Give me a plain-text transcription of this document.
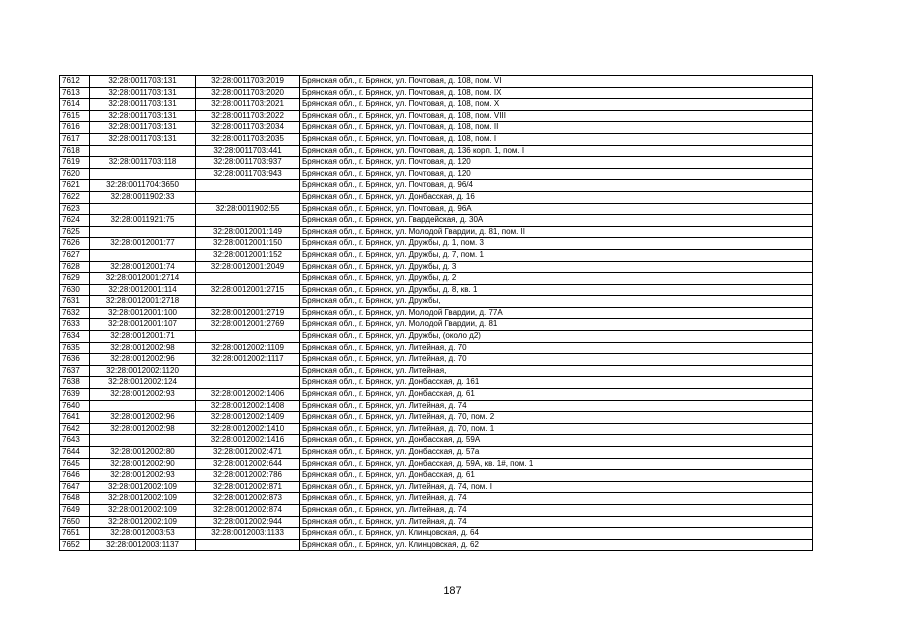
7612	32:28:0011703:131	32:28:0011703:2019	Брянская обл., г. Брянск, ул. Почтовая, д. 108, пом. VI
7613	32:28:0011703:131	32:28:0011703:2020	Брянская обл., г. Брянск, ул. Почтовая, д. 108, пом. IX
7614	32:28:0011703:131	32:28:0011703:2021	Брянская обл., г. Брянск, ул. Почтовая, д. 108, пом. X
7615	32:28:0011703:131	32:28:0011703:2022	Брянская обл., г. Брянск, ул. Почтовая, д. 108, пом. VIII
7616	32:28:0011703:131	32:28:0011703:2034	Брянская обл., г. Брянск, ул. Почтовая, д. 108, пом. II
7617	32:28:0011703:131	32:28:0011703:2035	Брянская обл., г. Брянск, ул. Почтовая, д. 108, пом. I
7618		32:28:0011703:441	Брянская обл., г. Брянск, ул. Почтовая, д. 136 корп. 1, пом. I
7619	32:28:0011703:118	32:28:0011703:937	Брянская обл., г. Брянск, ул. Почтовая, д. 120
7620		32:28:0011703:943	Брянская обл., г. Брянск, ул. Почтовая, д. 120
7621	32:28:0011704:3650		Брянская обл., г. Брянск, ул. Почтовая, д. 96/4
7622	32:28:0011902:33		Брянская обл., г. Брянск, ул. Донбасская, д. 16
7623		32:28:0011902:55	Брянская обл., г. Брянск, ул. Почтовая, д. 96А
7624	32:28:0011921:75		Брянская обл., г. Брянск, ул. Гвардейская, д. 30А
7625		32:28:0012001:149	Брянская обл., г. Брянск, ул. Молодой Гвардии, д. 81, пом. II
7626	32:28:0012001:77	32:28:0012001:150	Брянская обл., г. Брянск, ул. Дружбы, д. 1, пом. 3
7627		32:28:0012001:152	Брянская обл., г. Брянск, ул. Дружбы, д. 7, пом. 1
7628	32:28:0012001:74	32:28:0012001:2049	Брянская обл., г. Брянск, ул. Дружбы, д. 3
7629	32:28:0012001:2714		Брянская обл., г. Брянск, ул. Дружбы, д. 2
7630	32:28:0012001:114	32:28:0012001:2715	Брянская обл., г. Брянск, ул. Дружбы, д. 8, кв. 1
7631	32:28:0012001:2718		Брянская обл., г. Брянск, ул. Дружбы,
7632	32:28:0012001:100	32:28:0012001:2719	Брянская обл., г. Брянск, ул. Молодой Гвардии, д. 77А
7633	32:28:0012001:107	32:28:0012001:2769	Брянская обл., г. Брянск, ул. Молодой Гвардии, д. 81
7634	32:28:0012001:71		Брянская обл., г. Брянск, ул. Дружбы, (около д2)
7635	32:28:0012002:98	32:28:0012002:1109	Брянская обл., г. Брянск, ул. Литейная, д. 70
7636	32:28:0012002:96	32:28:0012002:1117	Брянская обл., г. Брянск, ул. Литейная, д. 70
7637	32:28:0012002:1120		Брянская обл., г. Брянск, ул. Литейная,
7638	32:28:0012002:124		Брянская обл., г. Брянск, ул. Донбасская, д. 161
7639	32:28:0012002:93	32:28:0012002:1406	Брянская обл., г. Брянск, ул. Донбасская, д. 61
7640		32:28:0012002:1408	Брянская обл., г. Брянск, ул. Литейная, д. 74
7641	32:28:0012002:96	32:28:0012002:1409	Брянская обл., г. Брянск, ул. Литейная, д. 70, пом. 2
7642	32:28:0012002:98	32:28:0012002:1410	Брянская обл., г. Брянск, ул. Литейная, д. 70, пом. 1
7643		32:28:0012002:1416	Брянская обл., г. Брянск, ул. Донбасская, д. 59А
7644	32:28:0012002:80	32:28:0012002:471	Брянская обл., г. Брянск, ул. Донбасская, д. 57а
7645	32:28:0012002:90	32:28:0012002:644	Брянская обл., г. Брянск, ул. Донбасская, д. 59А, кв. 1#, пом. 1
7646	32:28:0012002:93	32:28:0012002:786	Брянская обл., г. Брянск, ул. Донбасская, д. 61
7647	32:28:0012002:109	32:28:0012002:871	Брянская обл., г. Брянск, ул. Литейная, д. 74, пом. I
7648	32:28:0012002:109	32:28:0012002:873	Брянская обл., г. Брянск, ул. Литейная, д. 74
7649	32:28:0012002:109	32:28:0012002:874	Брянская обл., г. Брянск, ул. Литейная, д. 74
7650	32:28:0012002:109	32:28:0012002:944	Брянская обл., г. Брянск, ул. Литейная, д. 74
7651	32:28:0012003:53	32:28:0012003:1133	Брянская обл., г. Брянск, ул. Клинцовская, д. 64
7652	32:28:0012003:1137		Брянская обл., г. Брянск, ул. Клинцовская, д. 62
187
